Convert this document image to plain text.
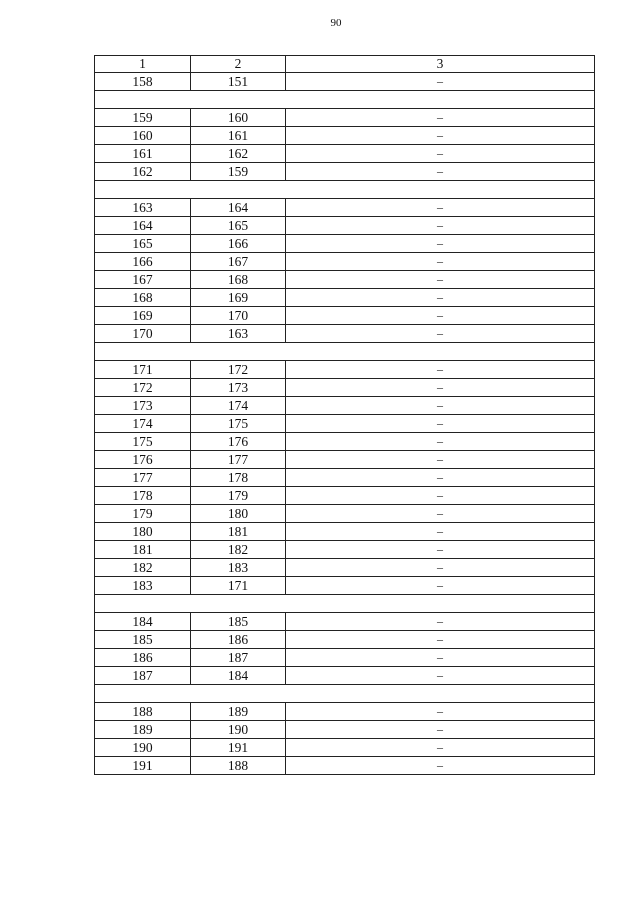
90
1	2	3
158	151	–

159	160	–
160	161	–
161	162	–
162	159	–

163	164	–
164	165	–
165	166	–
166	167	–
167	168	–
168	169	–
169	170	–
170	163	–

171	172	–
172	173	–
173	174	–
174	175	–
175	176	–
176	177	–
177	178	–
178	179	–
179	180	–
180	181	–
181	182	–
182	183	–
183	171	–

184	185	–
185	186	–
186	187	–
187	184	–

188	189	–
189	190	–
190	191	–
191	188	–
